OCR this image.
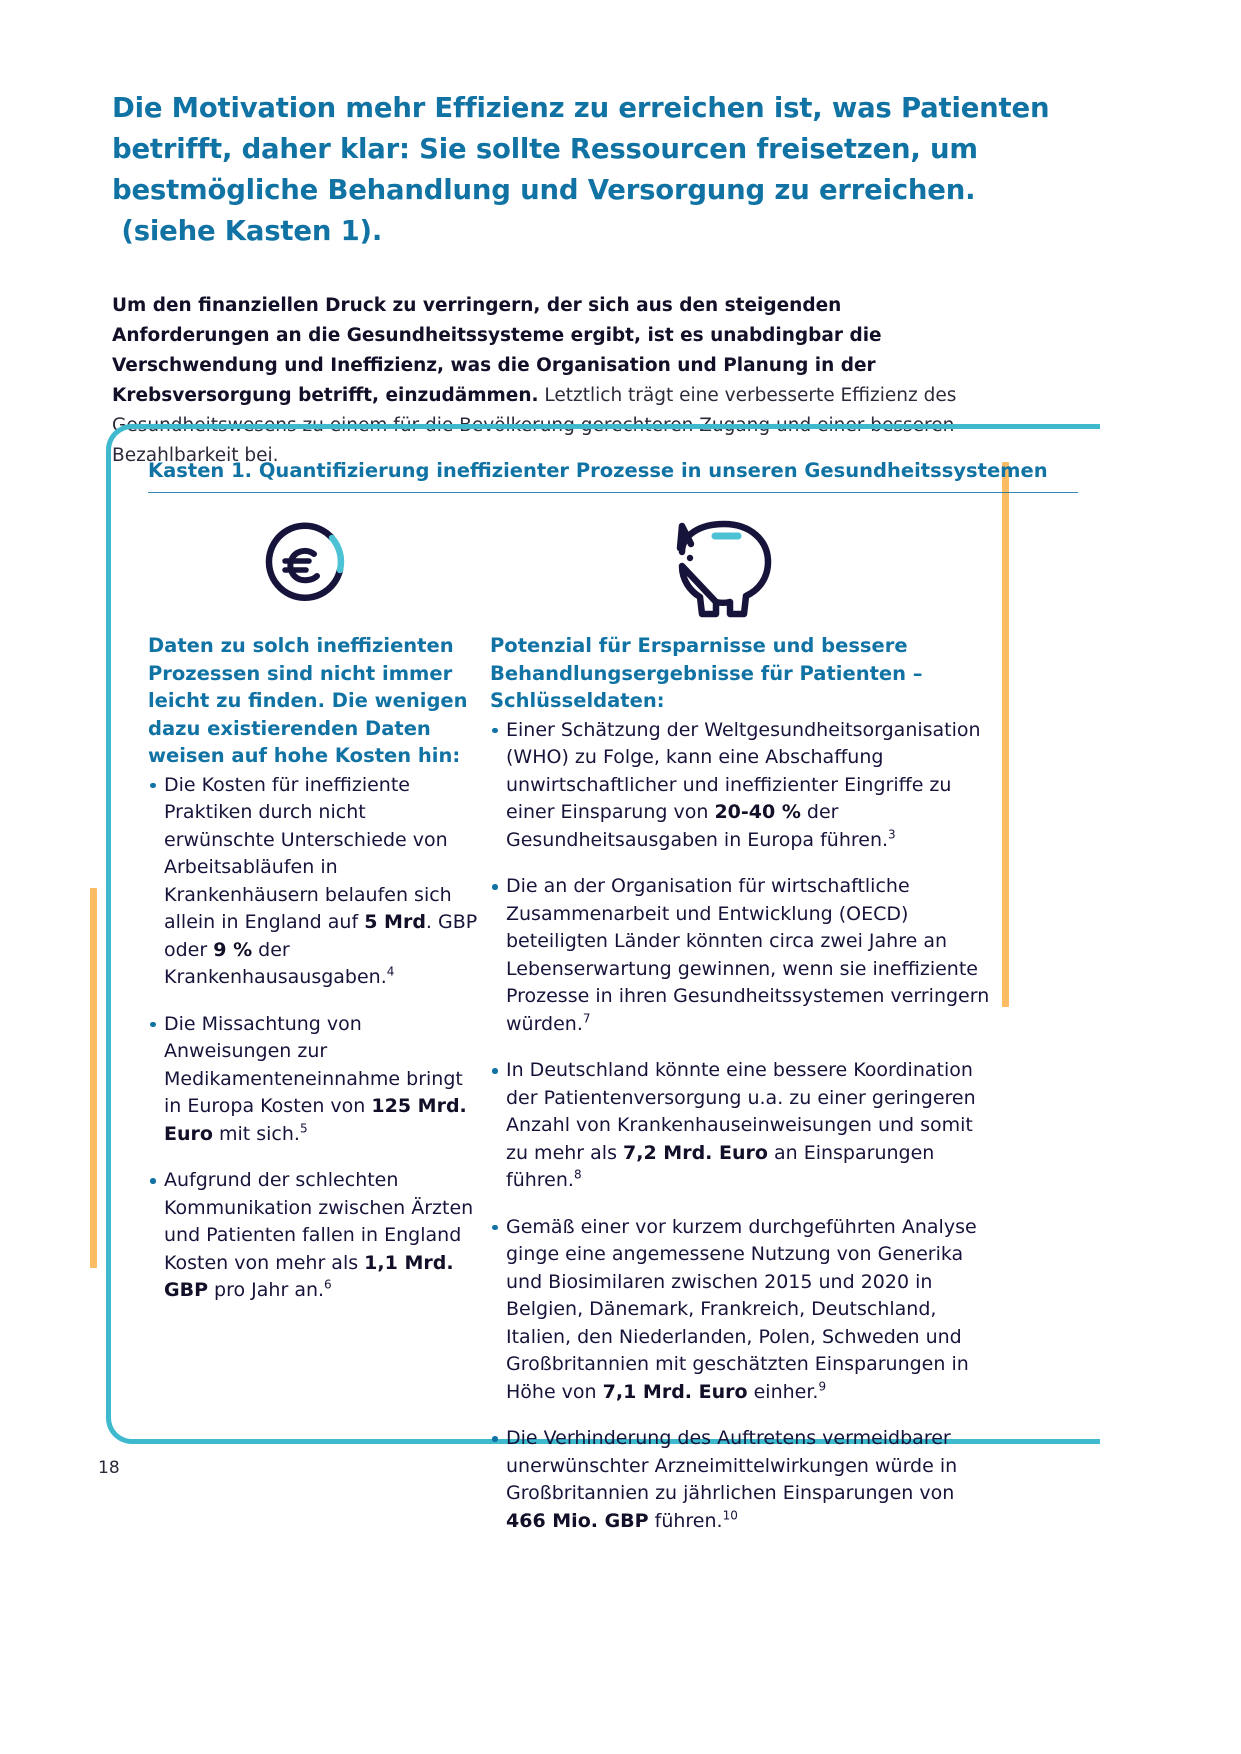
Die Motivation mehr Effizienz zu erreichen ist, was Patienten
betrifft, daher klar: Sie sollte Ressourcen freisetzen, um
bestmögliche Behandlung und Versorgung zu erreichen.
(siehe Kasten 1).

Um den finanziellen Druck zu verringern, der sich aus den steigenden Anforderungen an die Gesundheitssysteme ergibt, ist es unabdingbar die Verschwendung und Ineffizienz, was die Organisation und Planung in der Krebsversorgung betrifft, einzudämmen. Letztlich trägt eine verbesserte Effizienz des Gesundheitswesens zu einem für die Bevölkerung gerechteren Zugang und einer besseren Bezahlbarkeit bei.

Kasten 1. Quantifizierung ineffizienter Prozesse in unseren Gesundheitssystemen
Daten zu solch ineffizienten Prozessen sind nicht immer leicht zu finden. Die wenigen dazu existierenden Daten weisen auf hohe Kosten hin:
Die Kosten für ineffiziente Praktiken durch nicht erwünschte Unterschiede von Arbeitsabläufen in Krankenhäusern belaufen sich allein in England auf 5 Mrd. GBP oder 9 % der Krankenhausausgaben.$^4$
Die Missachtung von Anweisungen zur Medikamenteneinnahme bringt in Europa Kosten von 125 Mrd. Euro mit sich.$^5$
Aufgrund der schlechten Kommunikation zwischen Ärzten und Patienten fallen in England Kosten von mehr als 1,1 Mrd. GBP pro Jahr an.$^6$
Potenzial für Ersparnisse und bessere Behandlungsergebnisse für Patienten – Schlüsseldaten:
Einer Schätzung der Weltgesundheitsorganisation (WHO) zu Folge, kann eine Abschaffung unwirtschaftlicher und ineffizienter Eingriffe zu einer Einsparung von 20-40 % der Gesundheitsausgaben in Europa führen.$^3$
Die an der Organisation für wirtschaftliche Zusammenarbeit und Entwicklung (OECD) beteiligten Länder könnten circa zwei Jahre an Lebenserwartung gewinnen, wenn sie ineffiziente Prozesse in ihren Gesundheitssystemen verringern würden.$^7$
In Deutschland könnte eine bessere Koordination der Patientenversorgung u.a. zu einer geringeren Anzahl von Krankenhauseinweisungen und somit zu mehr als 7,2 Mrd. Euro an Einsparungen führen.$^8$
Gemäß einer vor kurzem durchgeführten Analyse ginge eine angemessene Nutzung von Generika und Biosimilaren zwischen 2015 und 2020 in Belgien, Dänemark, Frankreich, Deutschland, Italien, den Niederlanden, Polen, Schweden und Großbritannien mit geschätzten Einsparungen in Höhe von 7,1 Mrd. Euro einher.$^9$
Die Verhinderung des Auftretens vermeidbarer unerwünschter Arzneimittelwirkungen würde in Großbritannien zu jährlichen Einsparungen von 466 Mio. GBP führen.$^{10}$
18
